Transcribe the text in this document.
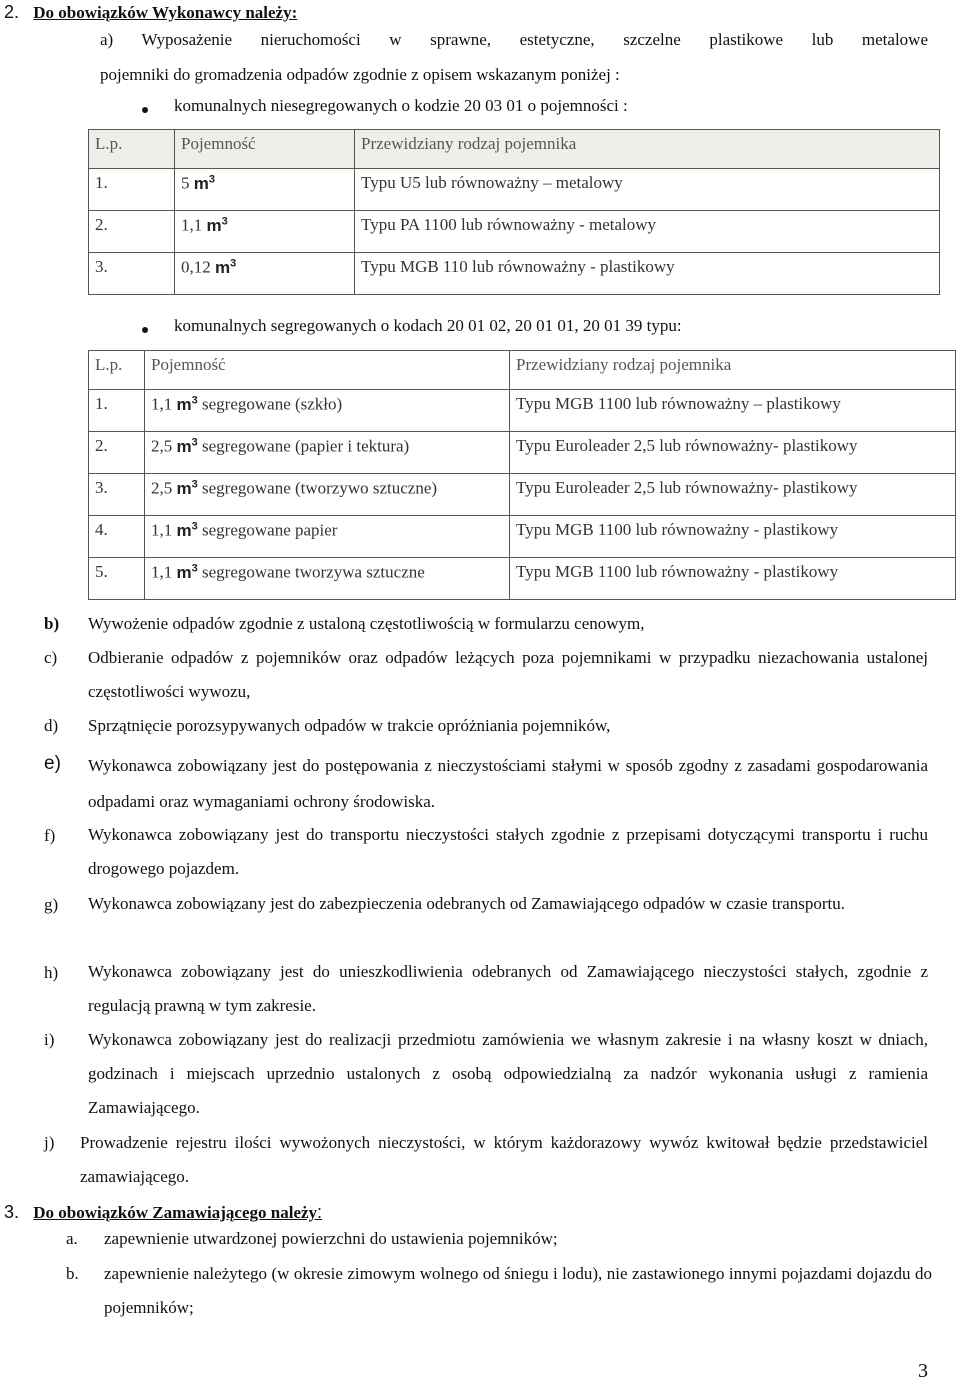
2. Do obowiązków Wykonawcy należy:
a) Wyposażenie nieruchomości w sprawne, estetyczne, szczelne plastikowe lub metalowe
pojemniki do gromadzenia odpadów zgodnie z opisem wskazanym poniżej :
komunalnych niesegregowanych o kodzie 20 03 01 o pojemności :
L.p.	Pojemność	Przewidziany rodzaj pojemnika
1.	5 $m^3$	Typu U5 lub równoważny – metalowy
2.	1,1 $m^3$	Typu PA 1100 lub równoważny - metalowy
3.	0,12 $m^3$	Typu MGB 110 lub równoważny - plastikowy
komunalnych segregowanych o kodach 20 01 02, 20 01 01, 20 01 39 typu:
L.p.	Pojemność	Przewidziany rodzaj pojemnika
1.	1,1 $m^3$ segregowane (szkło)	Typu MGB 1100 lub równoważny – plastikowy
2.	2,5 $m^3$ segregowane (papier i tektura)	Typu Euroleader 2,5 lub równoważny- plastikowy
3.	2,5 $m^3$ segregowane (tworzywo sztuczne)	Typu Euroleader 2,5 lub równoważny- plastikowy
4.	1,1 $m^3$ segregowane papier	Typu MGB 1100 lub równoważny - plastikowy
5.	1,1 $m^3$ segregowane tworzywa sztuczne	Typu MGB 1100 lub równoważny - plastikowy
b) Wywożenie odpadów zgodnie z ustaloną częstotliwością w formularzu cenowym,
c) Odbieranie odpadów z pojemników oraz odpadów leżących poza pojemnikami w przypadku niezachowania ustalonej częstotliwości wywozu,
d) Sprzątnięcie porozsypywanych odpadów w trakcie opróżniania pojemników,
e) Wykonawca zobowiązany jest do postępowania z nieczystościami stałymi w sposób zgodny z zasadami gospodarowania odpadami oraz wymaganiami ochrony środowiska.
f) Wykonawca zobowiązany jest do transportu nieczystości stałych zgodnie z przepisami dotyczącymi transportu i ruchu drogowego pojazdem.
g) Wykonawca zobowiązany jest do zabezpieczenia odebranych od Zamawiającego odpadów w czasie transportu.
h) Wykonawca zobowiązany jest do unieszkodliwienia odebranych od Zamawiającego nieczystości stałych, zgodnie z regulacją prawną w tym zakresie.
i) Wykonawca zobowiązany jest do realizacji przedmiotu zamówienia we własnym zakresie i na własny koszt w dniach, godzinach i miejscach uprzednio ustalonych z osobą odpowiedzialną za nadzór wykonania usługi z ramienia Zamawiającego.
j) Prowadzenie rejestru ilości wywożonych nieczystości, w którym każdorazowy wywóz kwitował będzie przedstawiciel zamawiającego.
3. Do obowiązków Zamawiającego należy:
a. zapewnienie utwardzonej powierzchni do ustawienia pojemników;
b. zapewnienie należytego (w okresie zimowym wolnego od śniegu i lodu), nie zastawionego innymi pojazdami dojazdu do pojemników;
3
